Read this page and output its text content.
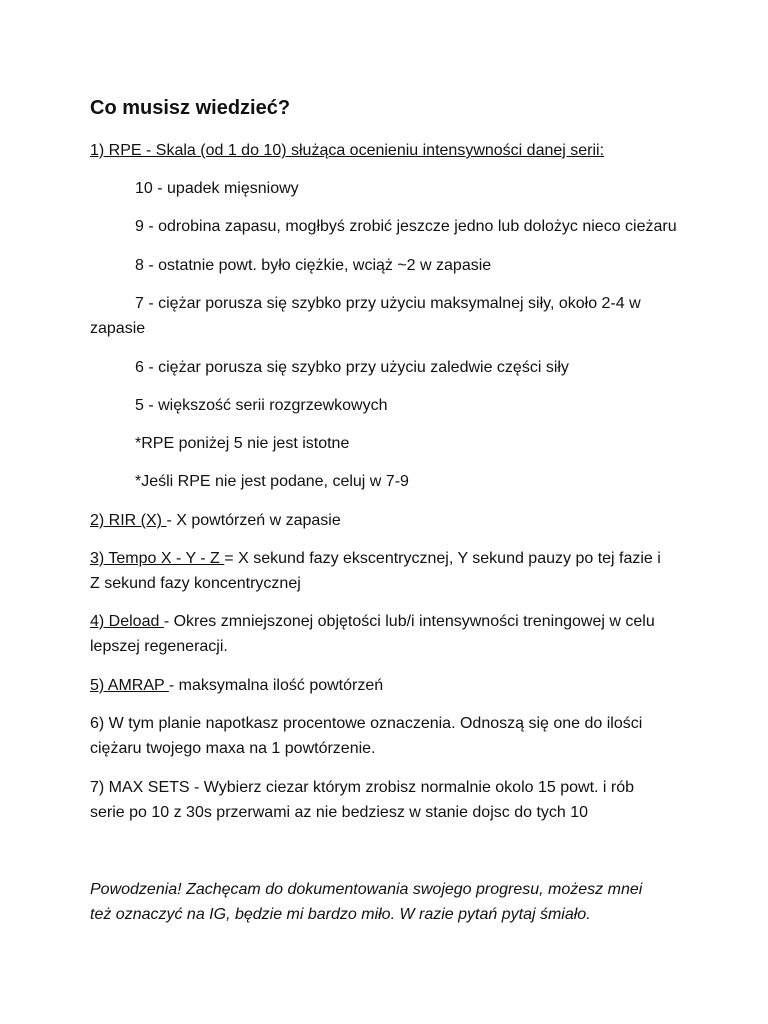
Co musisz wiedzieć?

1) RPE - Skala (od 1 do 10) służąca ocenieniu intensywności danej serii:

10 - upadek mięsniowy

9 - odrobina zapasu, mogłbyś zrobić jeszcze jedno lub dolożyc nieco cieżaru

8 - ostatnie powt. było ciężkie, wciąż ~2 w zapasie

7 - ciężar porusza się szybko przy użyciu maksymalnej siły, około 2-4 w zapasie

6 - ciężar porusza się szybko przy użyciu zaledwie części siły

5 - większość serii rozgrzewkowych

*RPE poniżej 5 nie jest istotne

*Jeśli RPE nie jest podane, celuj w 7-9

2) RIR (X) - X powtórzeń w zapasie

3) Tempo X - Y - Z = X sekund fazy ekscentrycznej, Y sekund pauzy po tej fazie i Z sekund fazy koncentrycznej

4) Deload - Okres zmniejszonej objętości lub/i intensywności treningowej w celu lepszej regeneracji.

5) AMRAP - maksymalna ilość powtórzeń

6) W tym planie napotkasz procentowe oznaczenia. Odnoszą się one do ilości ciężaru twojego maxa na 1 powtórzenie.

7) MAX SETS - Wybierz ciezar którym zrobisz normalnie okolo 15 powt. i rób serie po 10 z 30s przerwami az nie bedziesz w stanie dojsc do tych 10

Powodzenia! Zachęcam do dokumentowania swojego progresu, możesz mnei też oznaczyć na IG, będzie mi bardzo miło. W razie pytań pytaj śmiało.
